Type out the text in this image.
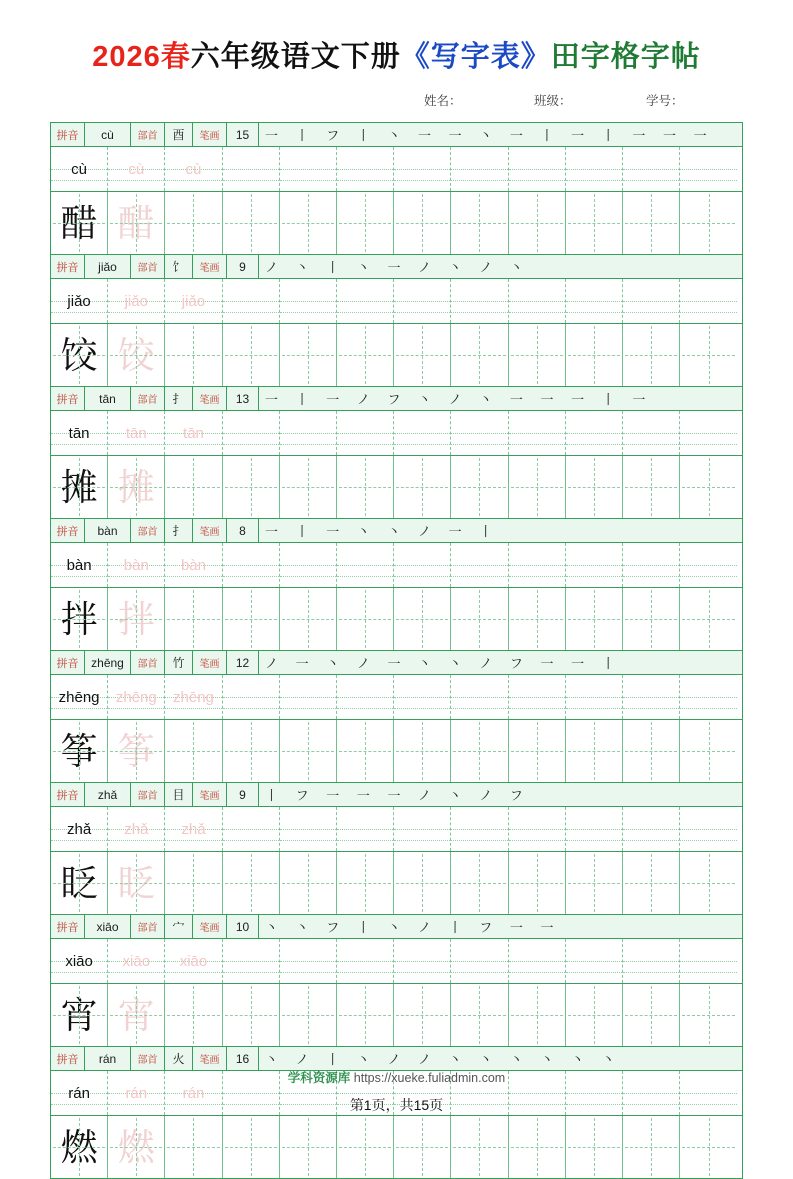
2026春六年级语文下册《写字表》田字格字帖
姓名：	班级：	学号：
拼音	cù	部首	酉	笔画	15	一 丨 フ 丨 丶 一 一 丶 一 丨 一 丨 一 一 一
cù	cù	cù
醋 醋
拼音	jiǎo	部首	饣	笔画	9	ノ 丶 丨 丶 一 ノ 丶 ノ 丶
jiǎo jiǎo jiǎo
饺 饺
拼音	tān	部首	扌	笔画	13	一 丨 一 ノ フ 丶 ノ 丶 一 一 一 丨 一
tān tān tān
摊 摊
拼音	bàn	部首	扌	笔画	8	一 丨 一 丶 丶 ノ 一 丨
bàn bàn bàn
拌 拌
拼音	zhēng	部首	竹	笔画	12	ノ 一 丶 ノ 一 丶 丶 ノ フ 一 一 丨
zhēng zhēng zhēng
筝 筝
拼音	zhǎ	部首	目	笔画	9	丨 フ 一 一 一 ノ 丶 ノ フ
zhǎ zhǎ zhǎ
眨 眨
拼音	xiāo	部首	宀	笔画	10	丶 丶 フ 丨 丶 ノ 丨 フ 一 一
xiāo xiāo xiāo
宵 宵
拼音	rán	部首	火	笔画	16	丶 ノ 丨 丶 ノ ノ 丶 丶 丶 丶 丶 丶
rán rán rán
燃 燃
学科资源库 https://xueke.fuliadmin.com
第1页，共15页
